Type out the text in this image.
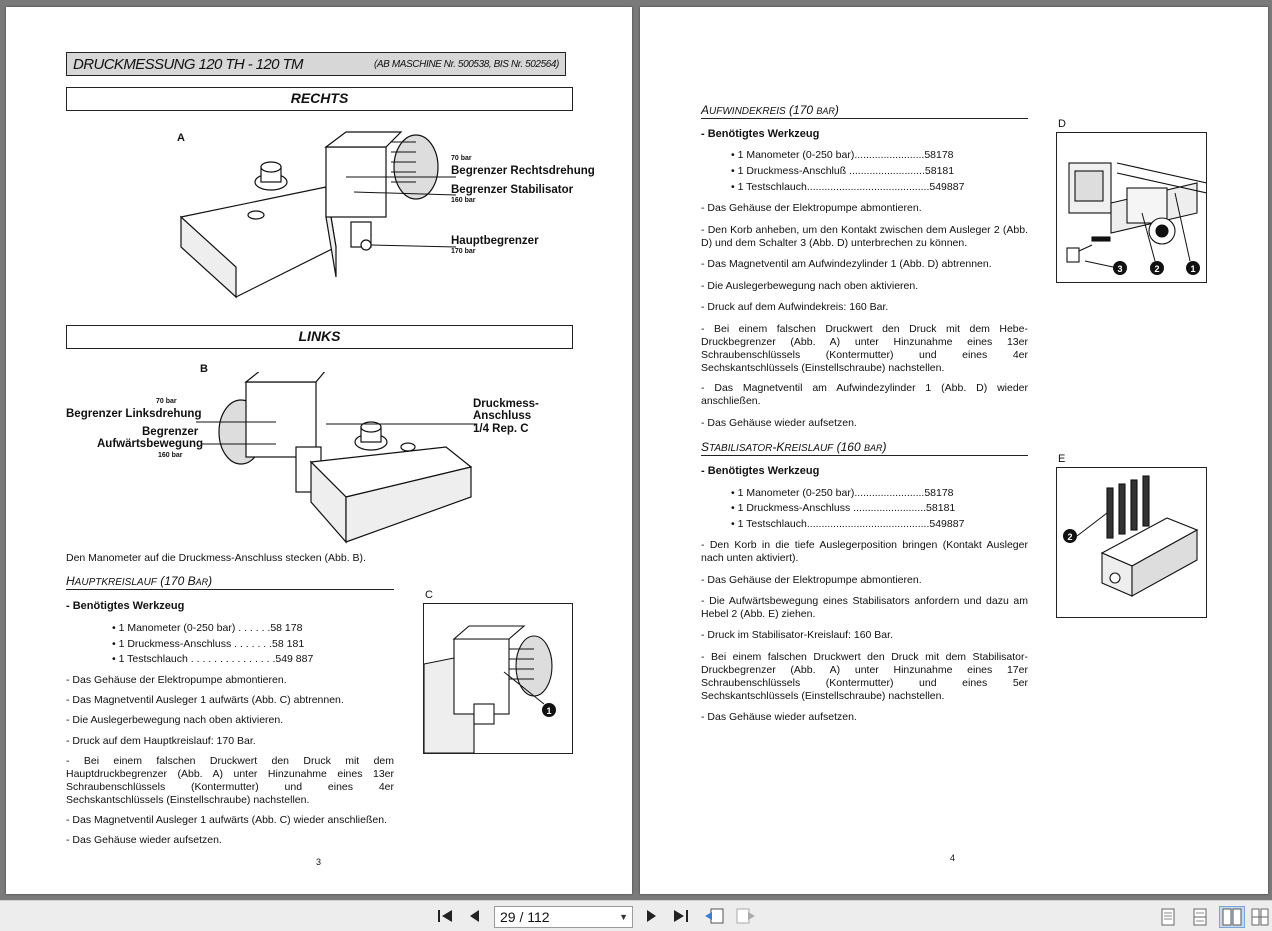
DRUCKMESSUNG 120 TH - 120 TM	(AB MASCHINE Nr. 500538, BIS Nr. 502564)
RECHTS
A
70 bar
Begrenzer Rechtsdrehung
Begrenzer Stabilisator
160 bar
Hauptbegrenzer
170 bar
LINKS
B
70 bar
Begrenzer Linksdrehung
Begrenzer
Aufwärtsbewegung
160 bar
Druckmess-
Anschluss
1/4 Rep. C
Den Manometer auf die Druckmess-Anschluss stecken (Abb. B).
HAUPTKREISLAUF (170 BAR)
- Benötigtes Werkzeug
• 1 Manometer (0-250 bar) . . . . . .58 178
• 1 Druckmess-Anschluss . . . . . . .58 181
• 1 Testschlauch . . . . . . . . . . . . . . .549 887
- Das Gehäuse der Elektropumpe abmontieren.
- Das Magnetventil Ausleger 1 aufwärts (Abb. C) abtrennen.
- Die Auslegerbewegung nach oben aktivieren.
- Druck auf dem Hauptkreislauf: 170 Bar.
- Bei einem falschen Druckwert den Druck mit dem Hauptdruckbegrenzer (Abb. A) unter Hinzunahme eines 13er Schraubenschlüssels (Kontermutter) und eines 4er Sechskantschlüssels (Einstellschraube) nachstellen.
- Das Magnetventil Ausleger 1 aufwärts (Abb. C) wieder anschließen.
- Das Gehäuse wieder aufsetzen.
C
1
3
AUFWINDEKREIS (170 BAR)
- Benötigtes Werkzeug
• 1 Manometer (0-250 bar)........................58178
• 1 Druckmess-Anschluß ..........................58181
• 1 Testschlauch..........................................549887
- Das Gehäuse der Elektropumpe abmontieren.
- Den Korb anheben, um den Kontakt zwischen dem Ausleger 2 (Abb. D) und dem Schalter 3 (Abb. D) unterbrechen zu können.
- Das Magnetventil am Aufwindezylinder 1 (Abb. D) abtrennen.
- Die Auslegerbewegung nach oben aktivieren.
- Druck auf dem Aufwindekreis: 160 Bar.
- Bei einem falschen Druckwert den Druck mit dem Hebe-Druckbegrenzer (Abb. A) unter Hinzunahme eines 13er Schraubenschlüssels (Kontermutter) und eines 4er Sechskantschlüssels (Einstellschraube) nachstellen.
- Das Magnetventil am Aufwindezylinder 1 (Abb. D) wieder anschließen.
- Das Gehäuse wieder aufsetzen.
STABILISATOR-KREISLAUF (160 BAR)
- Benötigtes Werkzeug
• 1 Manometer (0-250 bar)........................58178
• 1 Druckmess-Anschluss .........................58181
• 1 Testschlauch..........................................549887
- Den Korb in die tiefe Auslegerposition bringen (Kontakt Ausleger nach unten aktiviert).
- Das Gehäuse der Elektropumpe abmontieren.
- Die Aufwärtsbewegung eines Stabilisators anfordern und dazu am Hebel 2 (Abb. E) ziehen.
- Druck im Stabilisator-Kreislauf: 160 Bar.
- Bei einem falschen Druckwert den Druck mit dem Stabilisator-Druckbegrenzer (Abb. A) unter Hinzunahme eines 17er Schraubenschlüssels (Kontermutter) und eines 5er Sechskantschlüssels (Einstellschraube) nachstellen.
- Das Gehäuse wieder aufsetzen.
D
3	2	1
E
2
4
29 / 112	▼
